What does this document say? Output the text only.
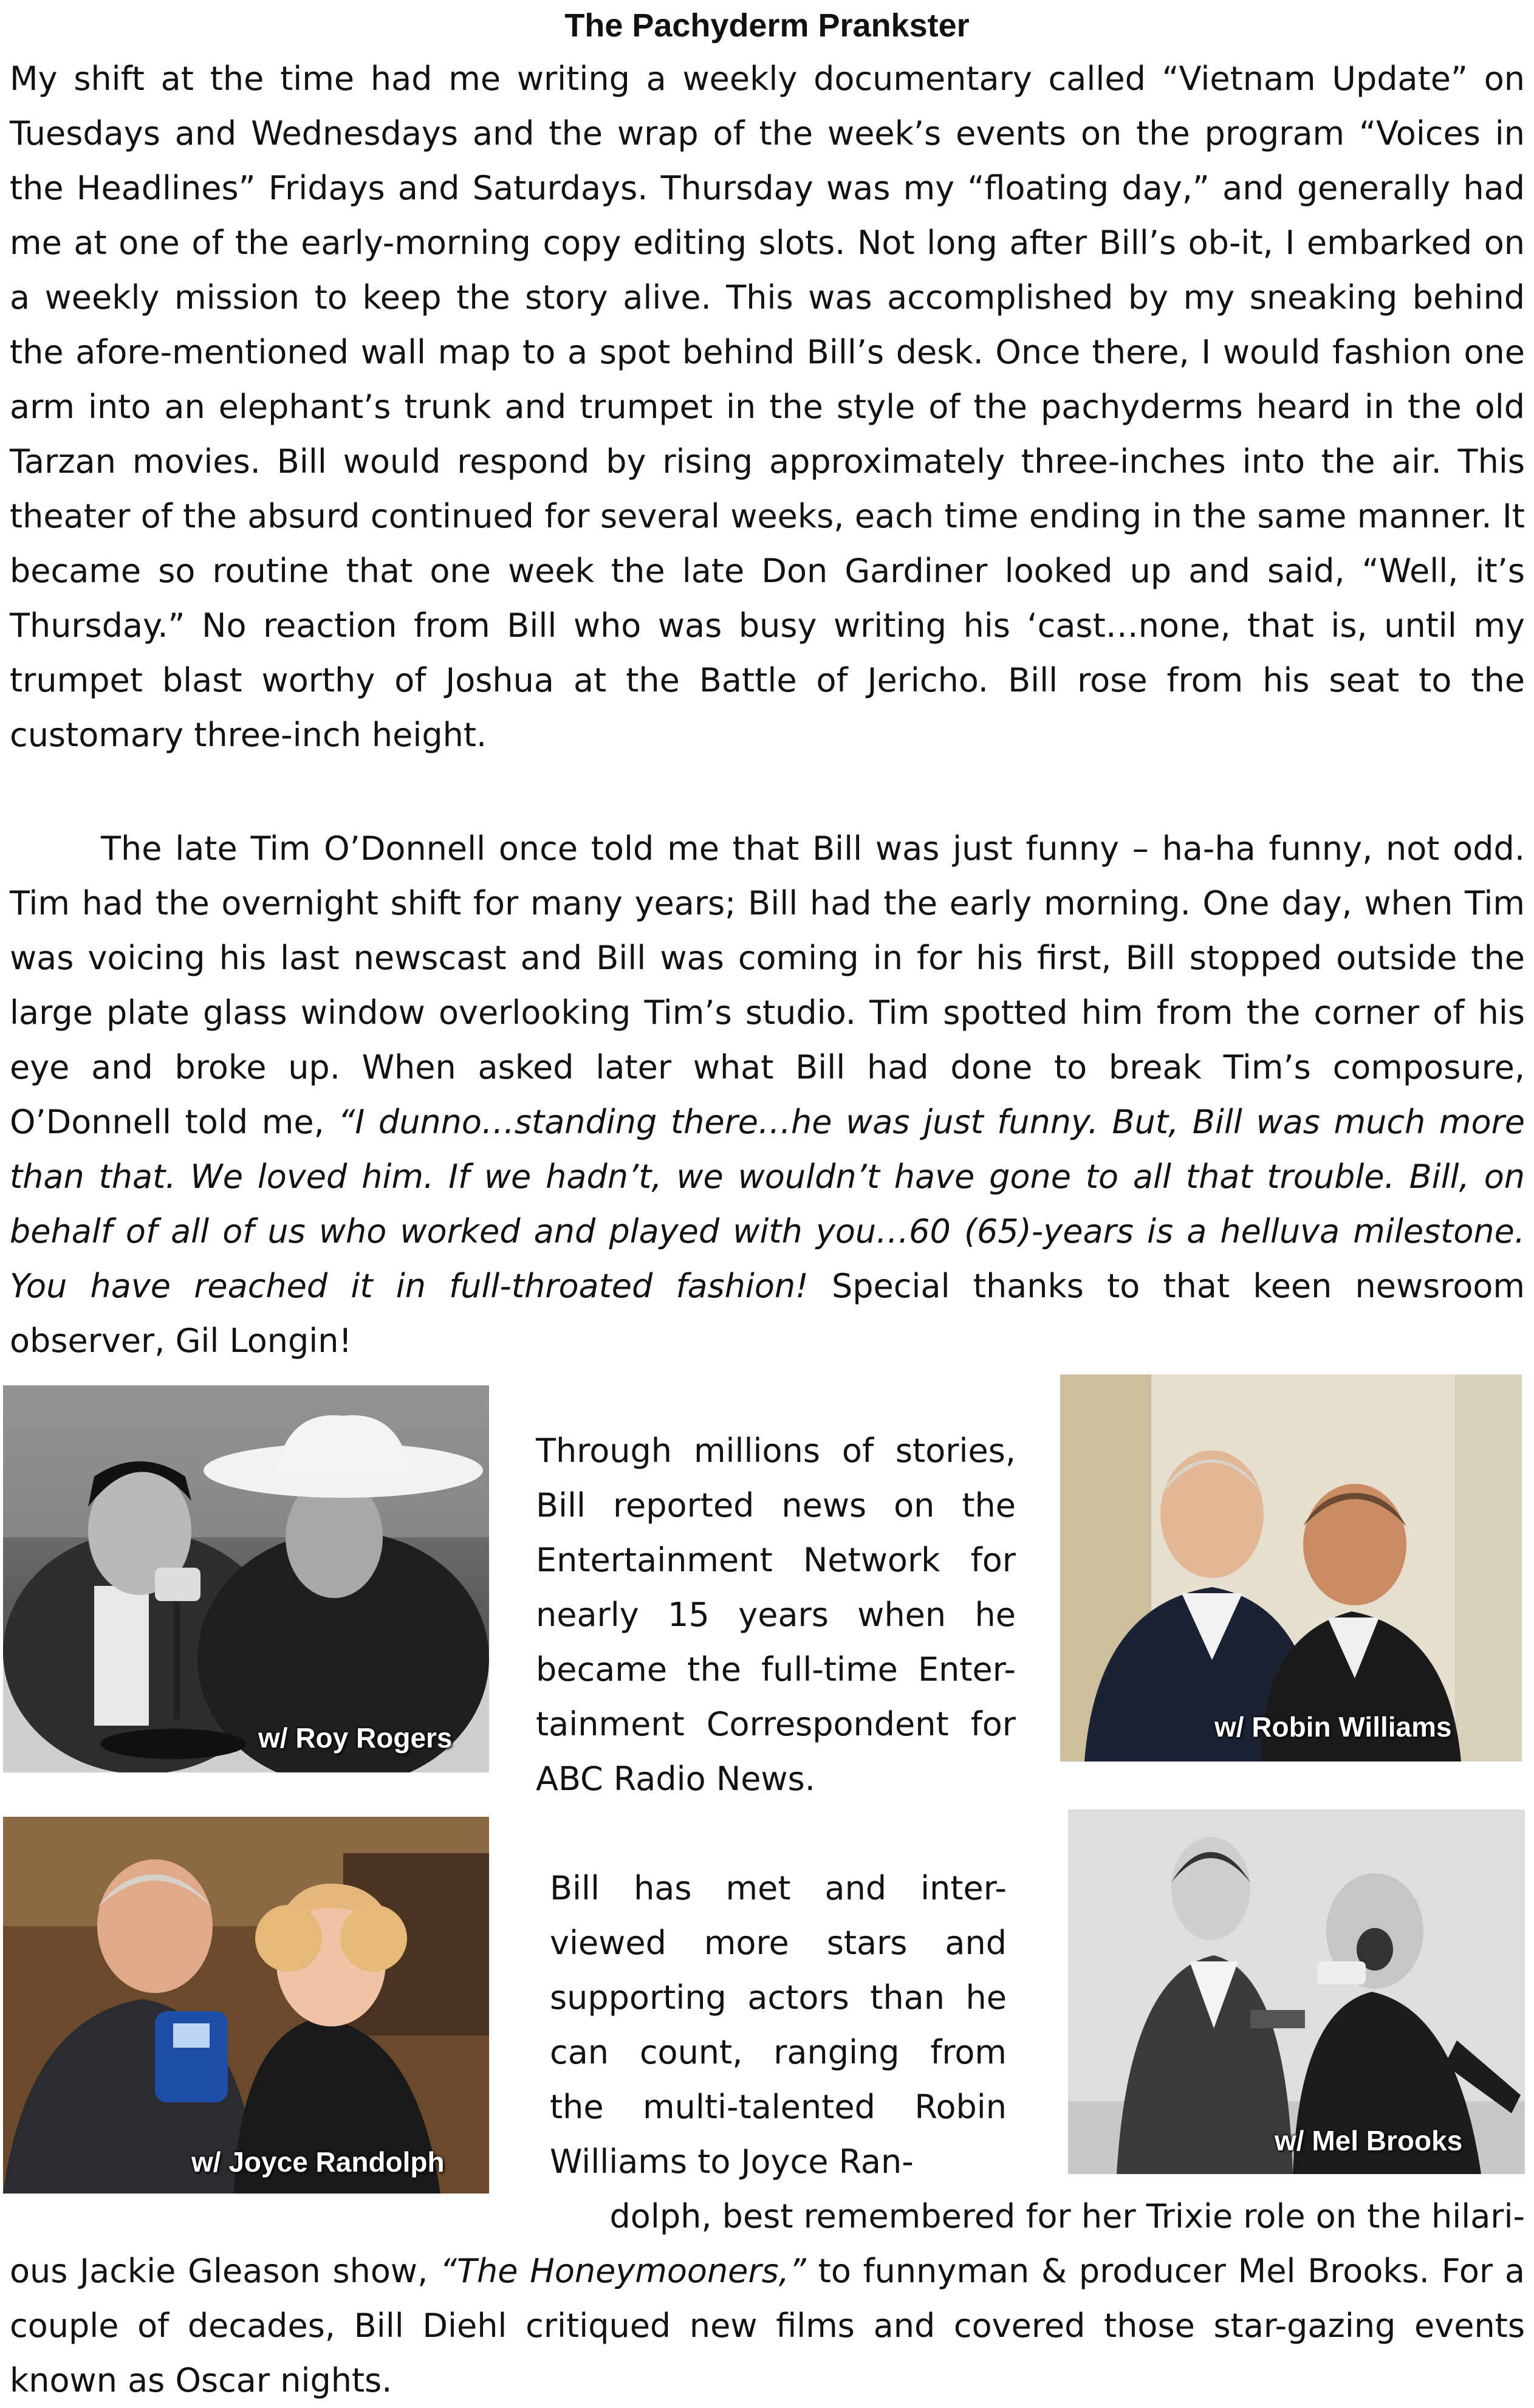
The Pachyderm Prankster

My shift at the time had me writing a weekly documentary called “Vietnam Update” on Tuesdays and Wednesdays and the wrap of the week’s events on the program “Voices in the Headlines” Fridays and Saturdays. Thursday was my “floating day,” and generally had me at one of the early-morning copy editing slots. Not long after Bill’s ob-it, I embarked on a weekly mission to keep the story alive. This was accomplished by my sneaking behind the afore-mentioned wall map to a spot behind Bill’s desk. Once there, I would fashion one arm into an elephant’s trunk and trumpet in the style of the pachyderms heard in the old Tarzan movies. Bill would respond by rising approximately three-inches into the air. This theater of the absurd continued for several weeks, each time ending in the same manner. It became so routine that one week the late Don Gardiner looked up and said, “Well, it’s Thursday.” No reaction from Bill who was busy writing his ‘cast…none, that is, until my trumpet blast worthy of Joshua at the Battle of Jericho. Bill rose from his seat to the customary three-inch height.

The late Tim O’Donnell once told me that Bill was just funny – ha-ha funny, not odd. Tim had the overnight shift for many years; Bill had the early morning. One day, when Tim was voicing his last newscast and Bill was coming in for his first, Bill stopped outside the large plate glass window overlooking Tim’s studio. Tim spotted him from the corner of his eye and broke up. When asked later what Bill had done to break Tim’s composure, O’Donnell told me, “I dunno…standing there…he was just funny. But, Bill was much more than that. We loved him. If we hadn’t, we wouldn’t have gone to all that trouble. Bill, on behalf of all of us who worked and played with you…60 (65)-years is a helluva milestone. You have reached it in full-throated fashion! Special thanks to that keen newsroom observer, Gil Longin!

w/ Roy Rogers
Through millions of stories, Bill reported news on the Entertainment Network for nearly 15 years when he became the full-time Enter-tainment Correspondent for ABC Radio News.
w/ Robin Williams
w/ Joyce Randolph
Bill has met and inter-viewed more stars and supporting actors than he can count, ranging from the multi-talented Robin Williams to Joyce Ran-
w/ Mel Brooks

dolph, best remembered for her Trixie role on the hilari-
ous Jackie Gleason show, “The Honeymooners,” to funnyman & producer Mel Brooks. For a couple of decades, Bill Diehl critiqued new films and covered those star-gazing events known as Oscar nights.
